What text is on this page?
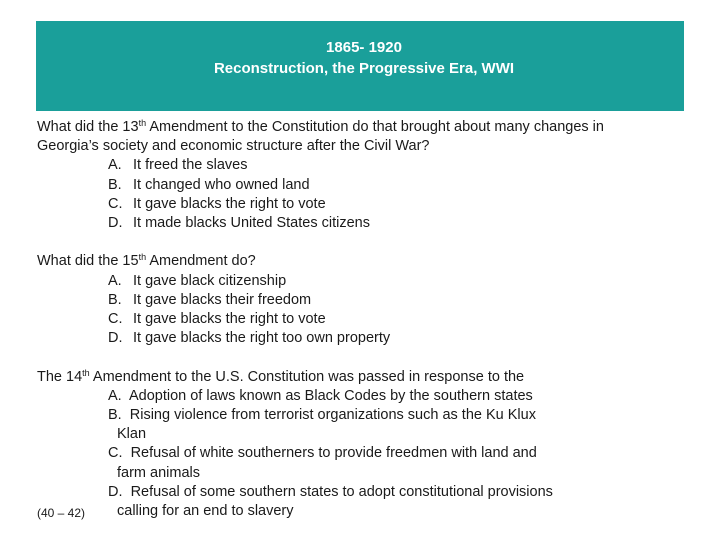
1865- 1920
Reconstruction, the Progressive Era, WWI

What did the 13th Amendment to the Constitution do that brought about many changes in

Georgia’s society and economic structure after the Civil War?

A. It freed the slaves

B. It changed who owned land

C. It gave blacks the right to vote

D. It made blacks United States citizens

What did the 15th Amendment do?

A. It gave black citizenship

B. It gave blacks their freedom

C. It gave blacks the right to vote

D. It gave blacks the right too own property

The 14th Amendment to the U.S. Constitution was passed in response to the

A. Adoption of laws known as Black Codes by the southern states

B. Rising violence from terrorist organizations such as the Ku Klux

Klan

C. Refusal of white southerners to provide freedmen with land and

farm animals

D. Refusal of some southern states to adopt constitutional provisions

(40 – 42) calling for an end to slavery
